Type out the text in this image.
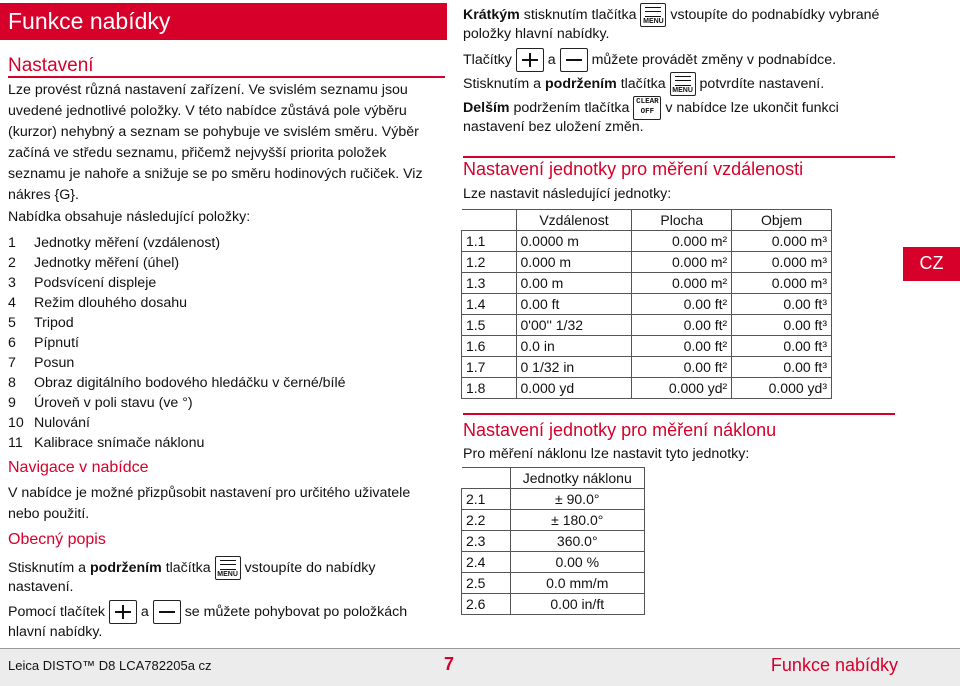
Funkce nabídky
Nastavení
Lze provést různá nastavení zařízení. Ve svislém seznamu jsou uvedené jednotlivé položky. V této nabídce zůstává pole výběru (kurzor) nehybný a seznam se pohybuje ve svislém směru. Výběr začíná ve středu seznamu, přičemž nejvyšší priorita položek seznamu je nahoře a snižuje se po směru hodinových ručiček. Viz nákres {G}.
Nabídka obsahuje následující položky:
1 Jednotky měření (vzdálenost)
2 Jednotky měření (úhel)
3 Podsvícení displeje
4 Režim dlouhého dosahu
5 Tripod
6 Pípnutí
7 Posun
8 Obraz digitálního bodového hledáčku v černé/bílé
9 Úroveň v poli stavu (ve °)
10 Nulování
11 Kalibrace snímače náklonu
Navigace v nabídce
V nabídce je možné přizpůsobit nastavení pro určitého uživatele nebo použití.
Obecný popis
Stisknutím a podržením tlačítka MENU vstoupíte do nabídky
nastavení.
Pomocí tlačítek	a	se můžete pohybovat po položkách
hlavní nabídky.
Krátkým stisknutím tlačítka MENU vstoupíte do podnabídky vybrané
položky hlavní nabídky.
Tlačítky	a	můžete provádět změny v podnabídce.
Stisknutím a podržením tlačítka MENU potvrdíte nastavení.
Delším podržením tlačítka CLEAR
OFF v nabídce lze ukončit funkci
nastavení bez uložení změn.
Nastavení jednotky pro měření vzdálenosti
Lze nastavit následující jednotky:
	Vzdálenost	Plocha	Objem
1.1	0.0000 m	0.000 m²	0.000 m³
1.2	0.000 m	0.000 m²	0.000 m³
1.3	0.00 m	0.000 m²	0.000 m³
1.4	0.00 ft	0.00 ft²	0.00 ft³
1.5	0'00'' 1/32	0.00 ft²	0.00 ft³
1.6	0.0 in	0.00 ft²	0.00 ft³
1.7	0 1/32 in	0.00 ft²	0.00 ft³
1.8	0.000 yd	0.000 yd²	0.000 yd³
Nastavení jednotky pro měření náklonu
Pro měření náklonu lze nastavit tyto jednotky:
	Jednotky náklonu
2.1	± 90.0°
2.2	± 180.0°
2.3	360.0°
2.4	0.00 %
2.5	0.0 mm/m
2.6	0.00 in/ft
CZ
Leica DISTO™ D8 LCA782205a cz	7	Funkce nabídky
